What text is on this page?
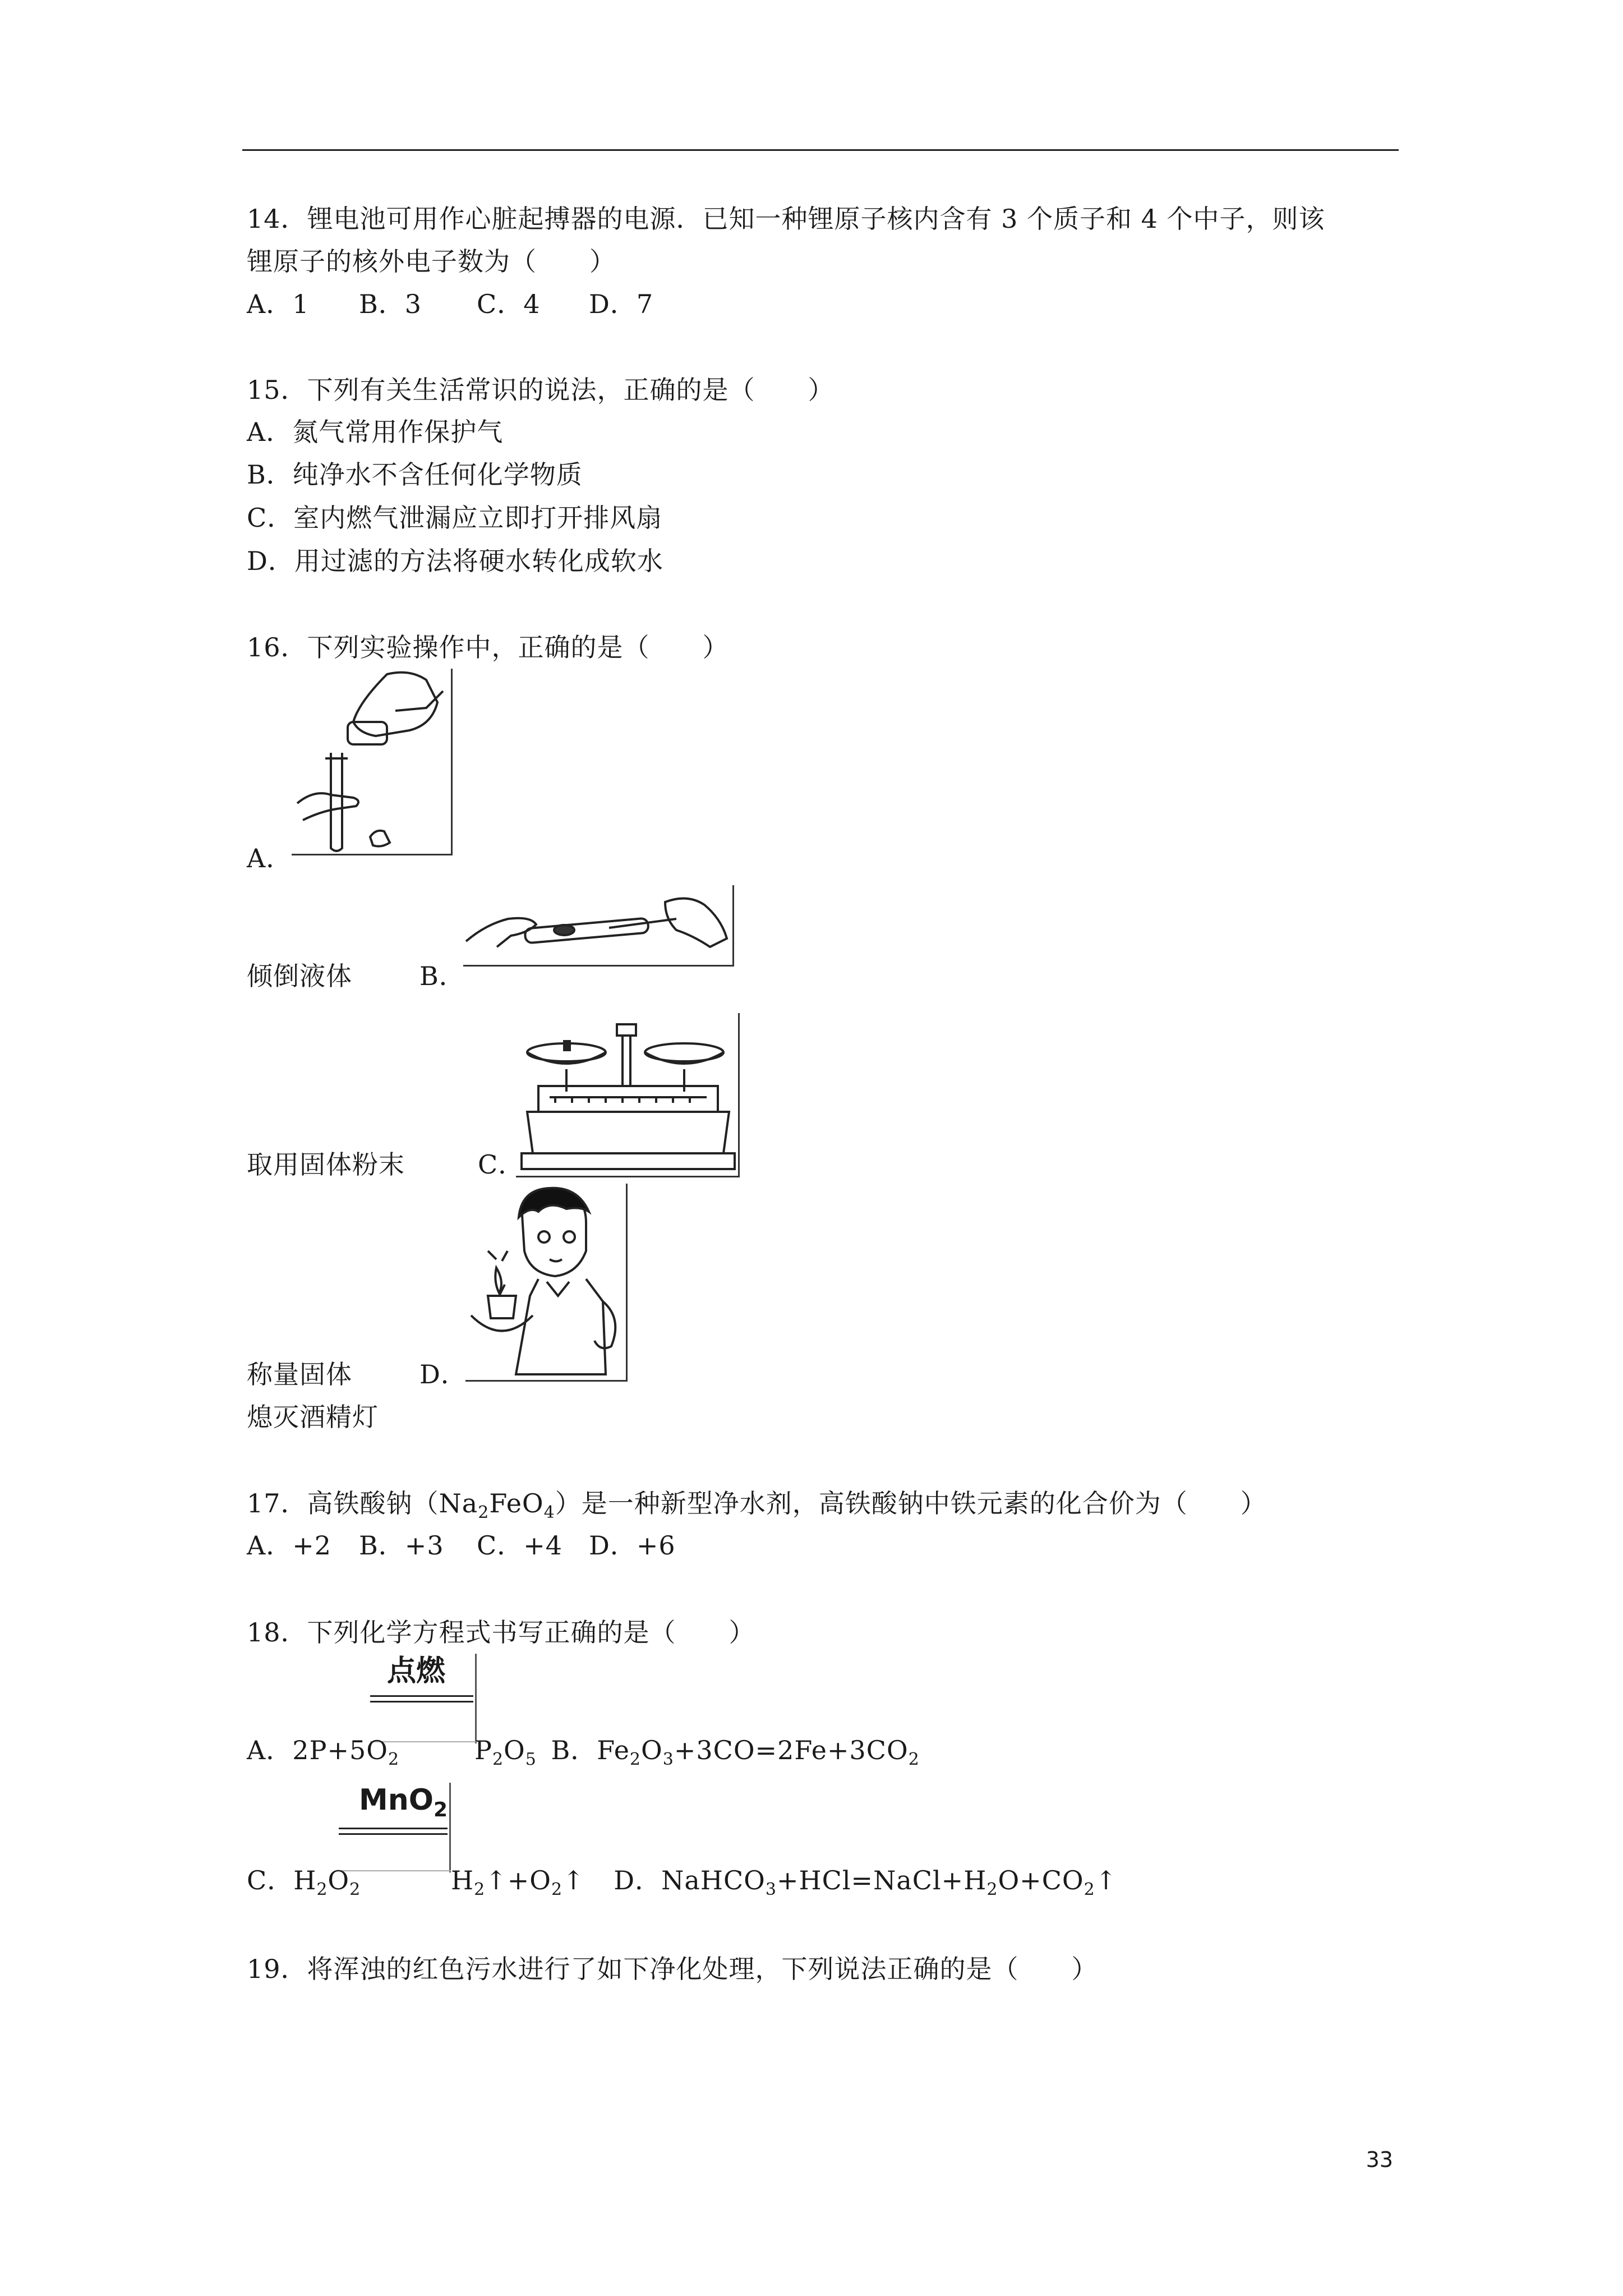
14．锂电池可用作心脏起搏器的电源．已知一种锂原子核内含有 3 个质子和 4 个中子，则该
锂原子的核外电子数为（　　）
A．1 B．3 C．4 D．7
15．下列有关生活常识的说法，正确的是（　　）
A．氮气常用作保护气
B．纯净水不含任何化学物质
C．室内燃气泄漏应立即打开排风扇
D．用过滤的方法将硬水转化成软水
16．下列实验操作中，正确的是（　　）
A．
倾倒液体	B．
取用固体粉末	C．
称量固体	D．
熄灭酒精灯
17．高铁酸钠$(Na_2FeO_4)$是一种新型净水剂，高铁酸钠中铁元素的化合价为（　　）
A．+2 B．+3 C．+4 D．+6
18．下列化学方程式书写正确的是（　　）
点燃
A．$2P+5O_2$	$P_2O_5$ B．$Fe_2O_3+3CO=2Fe+3CO_2$
MnO$_2$
C．$H_2O_2$	$H_2↑+O_2↑$ D．$NaHCO_3+HCl=NaCl+H_2O+CO_2↑$
19．将浑浊的红色污水进行了如下净化处理，下列说法正确的是（　　）
33
